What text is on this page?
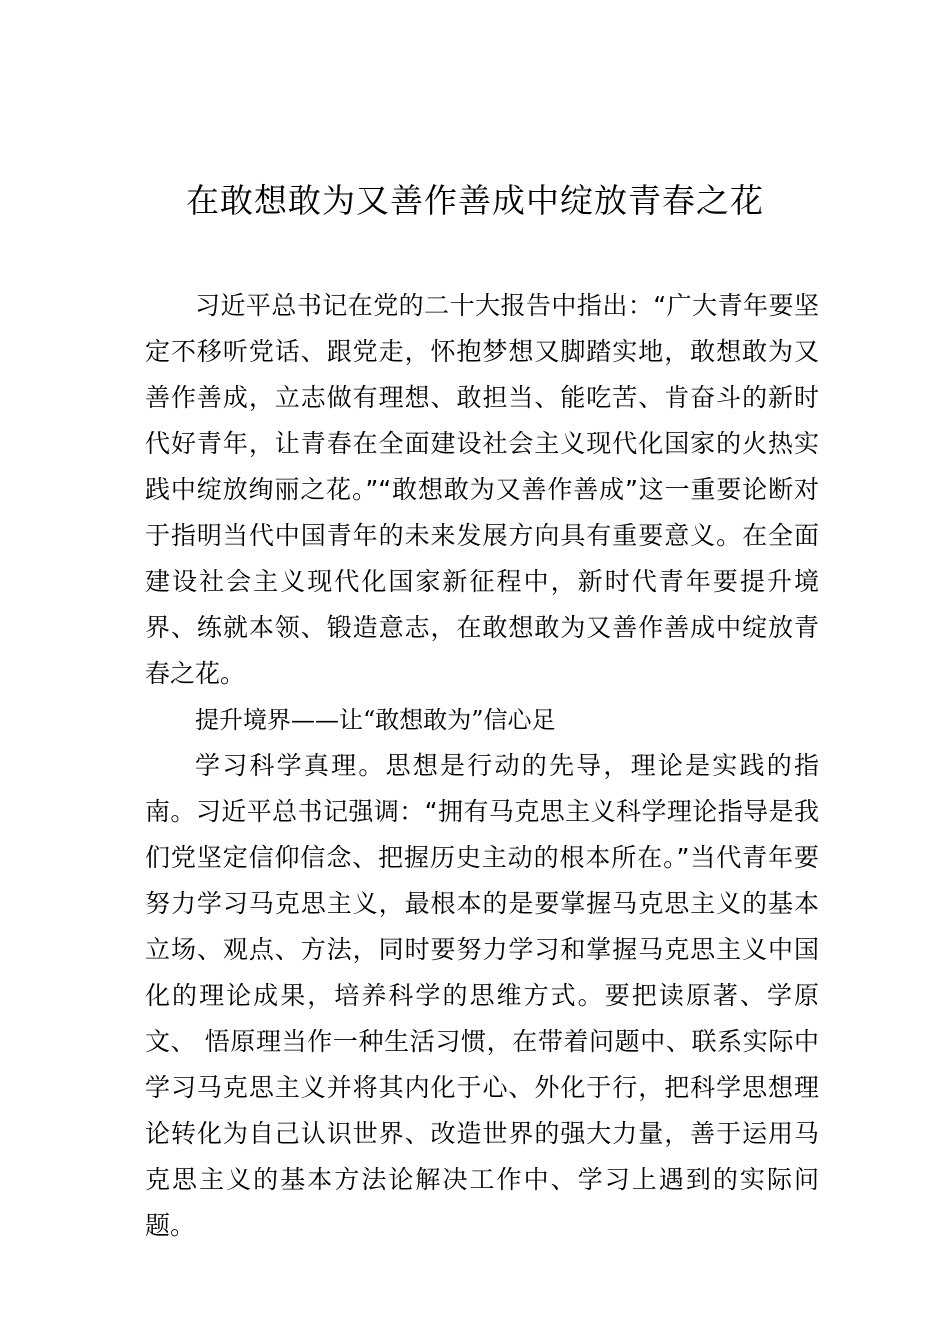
在敢想敢为又善作善成中绽放青春之花

习近平总书记在党的二十大报告中指出：“广大青年要坚定不移听党话、跟党走，怀抱梦想又脚踏实地，敢想敢为又善作善成，立志做有理想、敢担当、能吃苦、肯奋斗的新时代好青年，让青春在全面建设社会主义现代化国家的火热实践中绽放绚丽之花。”“敢想敢为又善作善成”这一重要论断对于指明当代中国青年的未来发展方向具有重要意义。在全面建设社会主义现代化国家新征程中，新时代青年要提升境界、练就本领、锻造意志，在敢想敢为又善作善成中绽放青春之花。

提升境界——让“敢想敢为”信心足

学习科学真理。思想是行动的先导，理论是实践的指南。习近平总书记强调：“拥有马克思主义科学理论指导是我们党坚定信仰信念、把握历史主动的根本所在。”当代青年要努力学习马克思主义，最根本的是要掌握马克思主义的基本立场、观点、方法，同时要努力学习和掌握马克思主义中国化的理论成果，培养科学的思维方式。要把读原著、学原文、 悟原理当作一种生活习惯，在带着问题中、联系实际中学习马克思主义并将其内化于心、外化于行，把科学思想理论转化为自己认识世界、改造世界的强大力量，善于运用马克思主义的基本方法论解决工作中、学习上遇到的实际问题。
